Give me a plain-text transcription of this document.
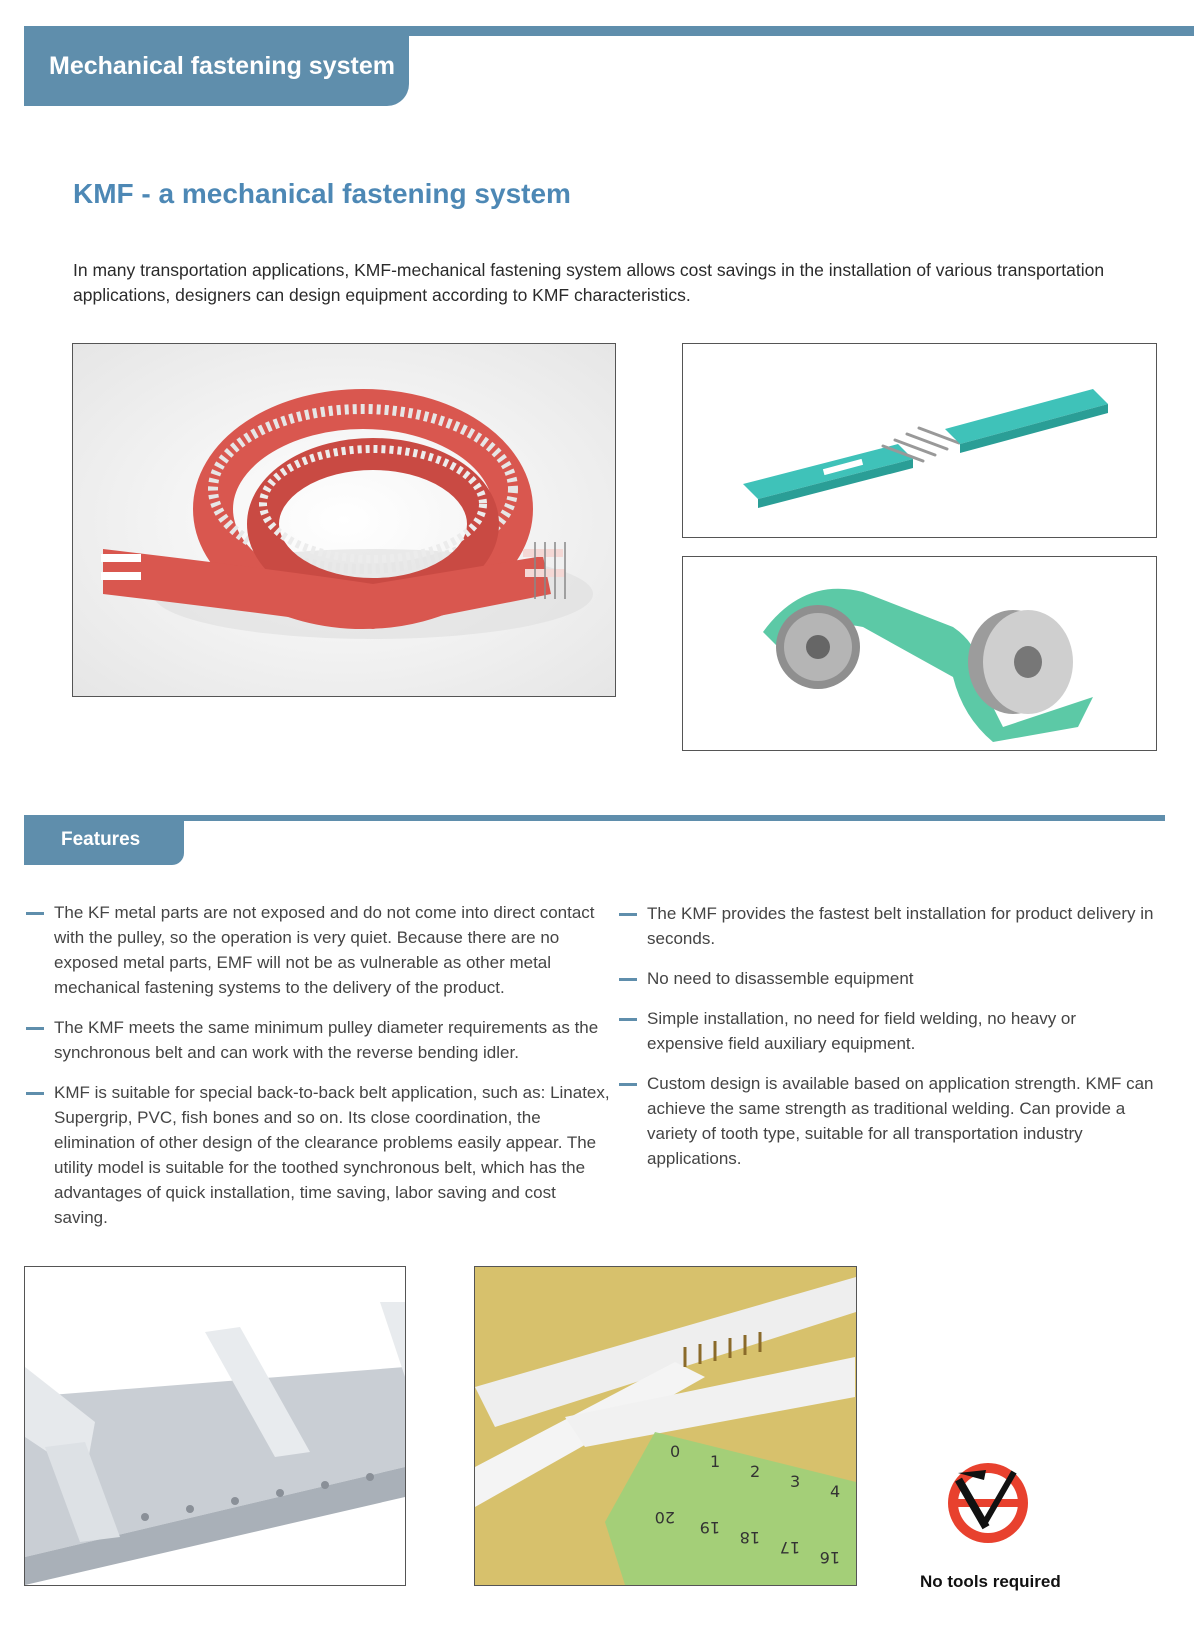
Mechanical fastening system
KMF - a mechanical fastening system
In many transportation applications, KMF-mechanical fastening system allows cost savings in the installation of various transportation applications, designers can design equipment according to KMF characteristics.
Features
The KF metal parts are not exposed and do not come into direct contact with the pulley, so the operation is very quiet. Because there are no exposed metal parts, EMF will not be as vulnerable as other metal mechanical fastening systems to the delivery of the product.
The KMF meets the same minimum pulley diameter requirements as the synchronous belt and can work with the reverse bending idler.
KMF is suitable for special back-to-back belt application, such as: Linatex, Supergrip, PVC, fish bones and so on. Its close coordination, the elimination of other design of the clearance problems easily appear. The utility model is suitable for the toothed synchronous belt, which has the advantages of quick installation, time saving, labor saving and cost saving.
The KMF provides the fastest belt installation for product delivery in seconds.
No need to disassemble equipment
Simple installation, no need for field welding, no heavy or expensive field auxiliary equipment.
Custom design is available based on application strength. KMF can achieve the same strength as traditional welding. Can provide a variety of tooth type, suitable for all transportation industry applications.
0
1
2
3
4
20
19
18
17
16
No tools required
